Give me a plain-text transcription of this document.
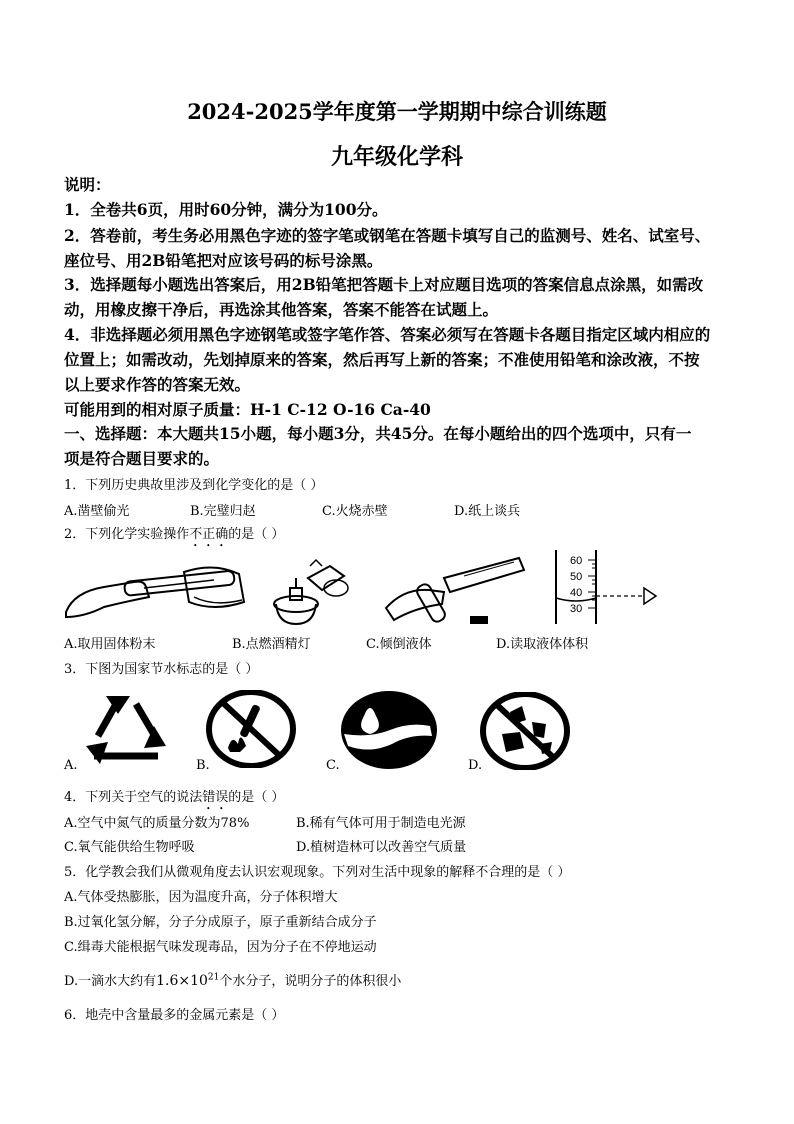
2024-2025学年度第一学期期中综合训练题
九年级化学科
说明：
1．全卷共6页，用时60分钟，满分为100分。
2．答卷前，考生务必用黑色字迹的签字笔或钢笔在答题卡填写自己的监测号、姓名、试室号、
座位号、用2B铅笔把对应该号码的标号涂黑。
3．选择题每小题选出答案后，用2B铅笔把答题卡上对应题目选项的答案信息点涂黑，如需改
动，用橡皮擦干净后，再选涂其他答案，答案不能答在试题上。
4．非选择题必须用黑色字迹钢笔或签字笔作答、答案必须写在答题卡各题目指定区域内相应的
位置上；如需改动，先划掉原来的答案，然后再写上新的答案；不准使用铅笔和涂改液，不按
以上要求作答的答案无效。
可能用到的相对原子质量：H-1 C-12 O-16 Ca-40
一、选择题：本大题共15小题，每小题3分，共45分。在每小题给出的四个选项中，只有一
项是符合题目要求的。
1．下列历史典故里涉及到化学变化的是（ ）
A.凿壁偷光	B.完璧归赵	C.火烧赤壁	D.纸上谈兵
2．下列化学实验操作不正确的是（ ）
60
50
40
30
A.取用固体粉末	B.点燃酒精灯	C.倾倒液体	D.读取液体体积
3．下图为国家节水标志的是（ ）
A.	B.	C.	D.
4．下列关于空气的说法错误的是（ ）
A.空气中氮气的质量分数为78%	B.稀有气体可用于制造电光源
C.氧气能供给生物呼吸	D.植树造林可以改善空气质量
5．化学教会我们从微观角度去认识宏观现象。下列对生活中现象的解释不合理的是（ ）
A.气体受热膨胀，因为温度升高，分子体积增大
B.过氧化氢分解，分子分成原子，原子重新结合成分子
C.缉毒犬能根据气味发现毒品，因为分子在不停地运动
D.一滴水大约有$1.6\times 10^{21}$个水分子，说明分子的体积很小
6．地壳中含量最多的金属元素是（ ）
